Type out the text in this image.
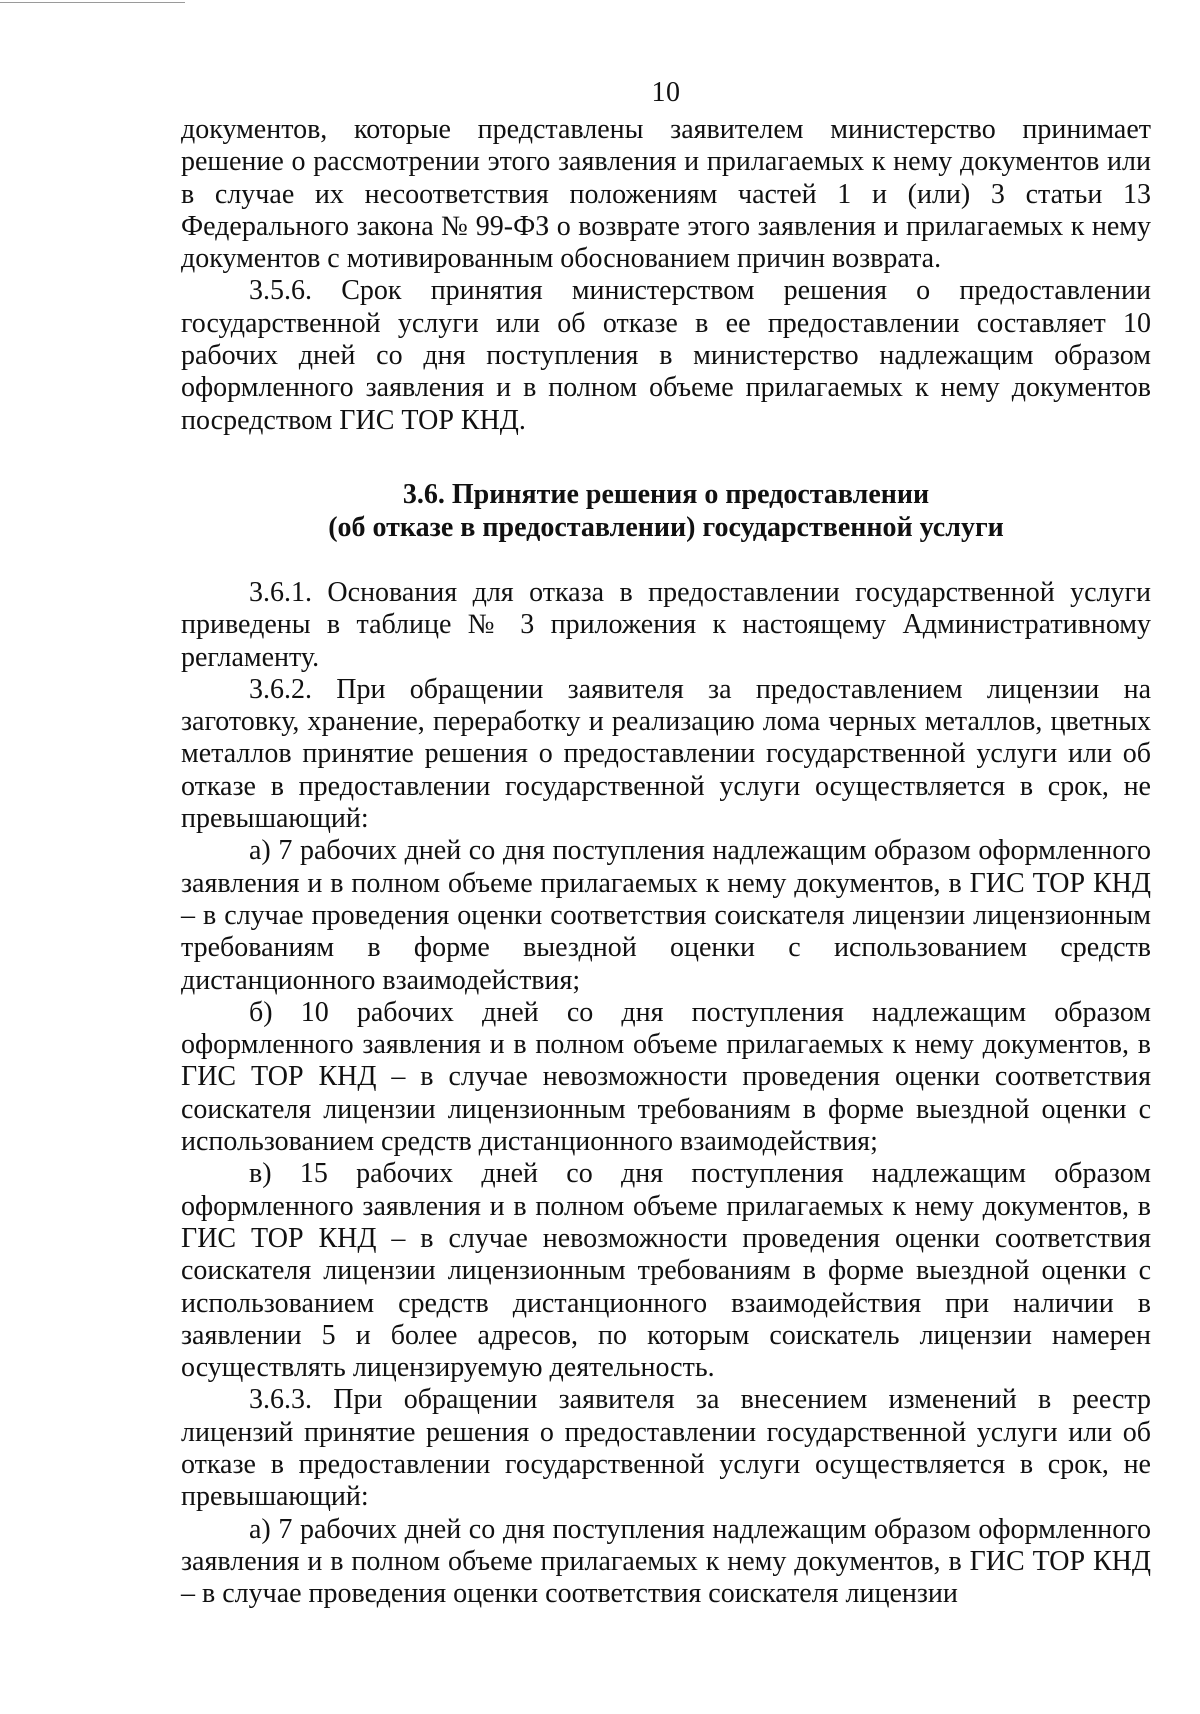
10

документов, которые представлены заявителем министерство принимает решение о рассмотрении этого заявления и прилагаемых к нему документов или в случае их несоответствия положениям частей 1 и (или) 3 статьи 13 Федерального закона № 99-ФЗ о возврате этого заявления и прилагаемых к нему документов с мотивированным обоснованием причин возврата.

3.5.6. Срок принятия министерством решения о предоставлении государственной услуги или об отказе в ее предоставлении составляет 10 рабочих дней со дня поступления в министерство надлежащим образом оформленного заявления и в полном объеме прилагаемых к нему документов посредством ГИС ТОР КНД.

3.6. Принятие решения о предоставлении
(об отказе в предоставлении) государственной услуги

3.6.1. Основания для отказа в предоставлении государственной услуги приведены в таблице № 3 приложения к настоящему Административному регламенту.

3.6.2. При обращении заявителя за предоставлением лицензии на заготовку, хранение, переработку и реализацию лома черных металлов, цветных металлов принятие решения о предоставлении государственной услуги или об отказе в предоставлении государственной услуги осуществляется в срок, не превышающий:

а) 7 рабочих дней со дня поступления надлежащим образом оформленного заявления и в полном объеме прилагаемых к нему документов, в ГИС ТОР КНД – в случае проведения оценки соответствия соискателя лицензии лицензионным требованиям в форме выездной оценки с использованием средств дистанционного взаимодействия;

б) 10 рабочих дней со дня поступления надлежащим образом оформленного заявления и в полном объеме прилагаемых к нему документов, в ГИС ТОР КНД – в случае невозможности проведения оценки соответствия соискателя лицензии лицензионным требованиям в форме выездной оценки с использованием средств дистанционного взаимодействия;

в) 15 рабочих дней со дня поступления надлежащим образом оформленного заявления и в полном объеме прилагаемых к нему документов, в ГИС ТОР КНД – в случае невозможности проведения оценки соответствия соискателя лицензии лицензионным требованиям в форме выездной оценки с использованием средств дистанционного взаимодействия при наличии в заявлении 5 и более адресов, по которым соискатель лицензии намерен осуществлять лицензируемую деятельность.

3.6.3. При обращении заявителя за внесением изменений в реестр лицензий принятие решения о предоставлении государственной услуги или об отказе в предоставлении государственной услуги осуществляется в срок, не превышающий:

а) 7 рабочих дней со дня поступления надлежащим образом оформленного заявления и в полном объеме прилагаемых к нему документов, в ГИС ТОР КНД – в случае проведения оценки соответствия соискателя лицензии
